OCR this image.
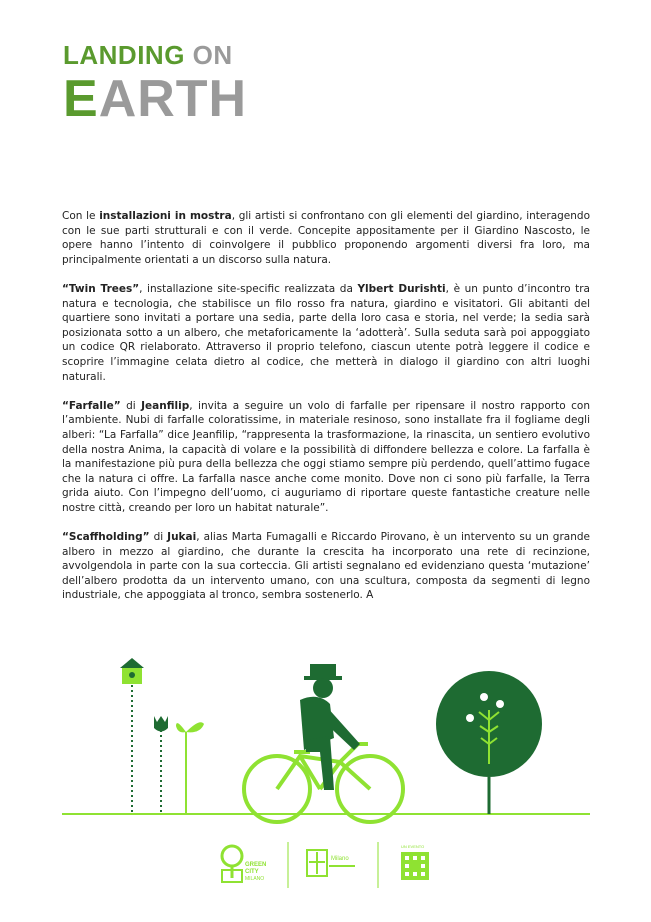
LANDING ON
EARTH

Con le installazioni in mostra, gli artisti si confrontano con gli elementi del giardino, interagendo con le sue parti strutturali e con il verde. Concepite appositamente per il Giardino Nascosto, le opere hanno l’intento di coinvolgere il pubblico proponendo argomenti diversi fra loro, ma principalmente orientati a un discorso sulla natura.

“Twin Trees”, installazione site-specific realizzata da Ylbert Durishti, è un punto d’incontro tra natura e tecnologia, che stabilisce un filo rosso fra natura, giardino e visitatori. Gli abitanti del quartiere sono invitati a portare una sedia, parte della loro casa e storia, nel verde; la sedia sarà posizionata sotto a un albero, che metaforicamente la ‘adotterà’. Sulla seduta sarà poi appoggiato un codice QR rielaborato. Attraverso il proprio telefono, ciascun utente potrà leggere il codice e scoprire l’immagine celata dietro al codice, che metterà in dialogo il giardino con altri luoghi naturali.

“Farfalle” di Jeanfilip, invita a seguire un volo di farfalle per ripensare il nostro rapporto con l’ambiente. Nubi di farfalle coloratissime, in materiale resinoso, sono installate fra il fogliame degli alberi: “La Farfalla” dice Jeanfilip, “rappresenta la trasformazione, la rinascita, un sentiero evolutivo della nostra Anima, la capacità di volare e la possibilità di diffondere bellezza e colore. La farfalla è la manifestazione più pura della bellezza che oggi stiamo sempre più perdendo, quell’attimo fugace che la natura ci offre. La farfalla nasce anche come monito. Dove non ci sono più farfalle, la Terra grida aiuto. Con l’impegno dell’uomo, ci auguriamo di riportare queste fantastiche creature nelle nostre città, creando per loro un habitat naturale”.

“Scaffholding” di Jukai, alias Marta Fumagalli e Riccardo Pirovano, è un intervento su un grande albero in mezzo al giardino, che durante la crescita ha incorporato una rete di recinzione, avvolgendola in parte con la sua corteccia. Gli artisti segnalano ed evidenziano questa ‘mutazione’ dell’albero prodotta da un intervento umano, con una scultura, composta da segmenti di legno industriale, che appoggiata al tronco, sembra sostenerlo. A

GREEN
CITY
MILANO
Milano
UN EVENTO
